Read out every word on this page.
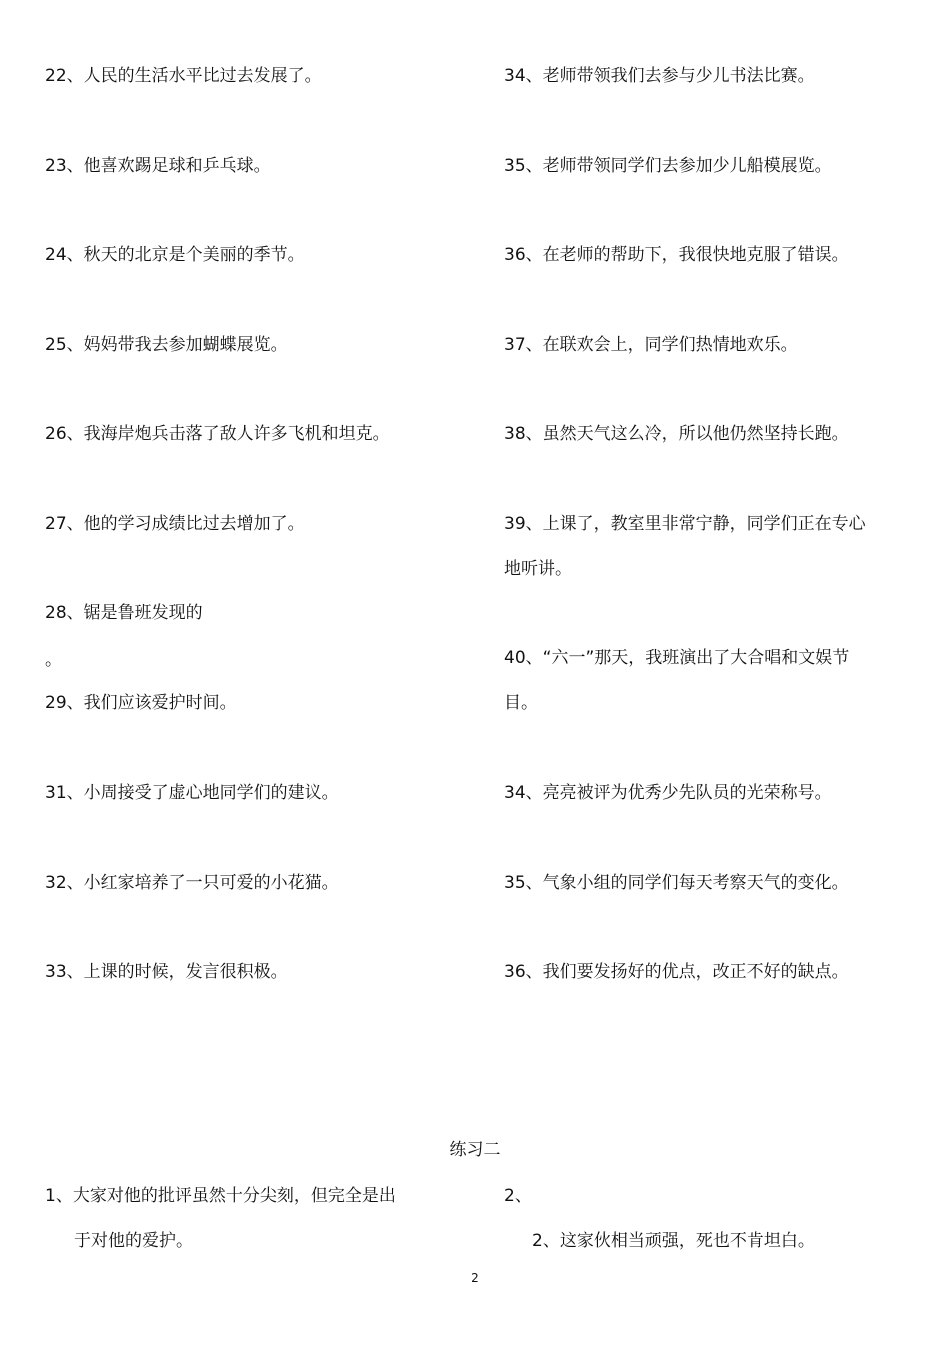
22、人民的生活水平比过去发展了。
23、他喜欢踢足球和乒乓球。
24、秋天的北京是个美丽的季节。
25、妈妈带我去参加蝴蝶展览。
26、我海岸炮兵击落了敌人许多飞机和坦克。
27、他的学习成绩比过去增加了。
28、锯是鲁班发现的
。
29、我们应该爱护时间。
31、小周接受了虚心地同学们的建议。
32、小红家培养了一只可爱的小花猫。
33、上课的时候，发言很积极。
34、老师带领我们去参与少儿书法比赛。
35、老师带领同学们去参加少儿船模展览。
36、在老师的帮助下，我很快地克服了错误。
37、在联欢会上，同学们热情地欢乐。
38、虽然天气这么冷，所以他仍然坚持长跑。
39、上课了，教室里非常宁静，同学们正在专心
地听讲。
40、“六一”那天，我班演出了大合唱和文娱节
目。
34、亮亮被评为优秀少先队员的光荣称号。
35、气象小组的同学们每天考察天气的变化。
36、我们要发扬好的优点，改正不好的缺点。
练习二
1、大家对他的批评虽然十分尖刻，但完全是出
于对他的爱护。
2、
2、这家伙相当顽强，死也不肯坦白。
2
